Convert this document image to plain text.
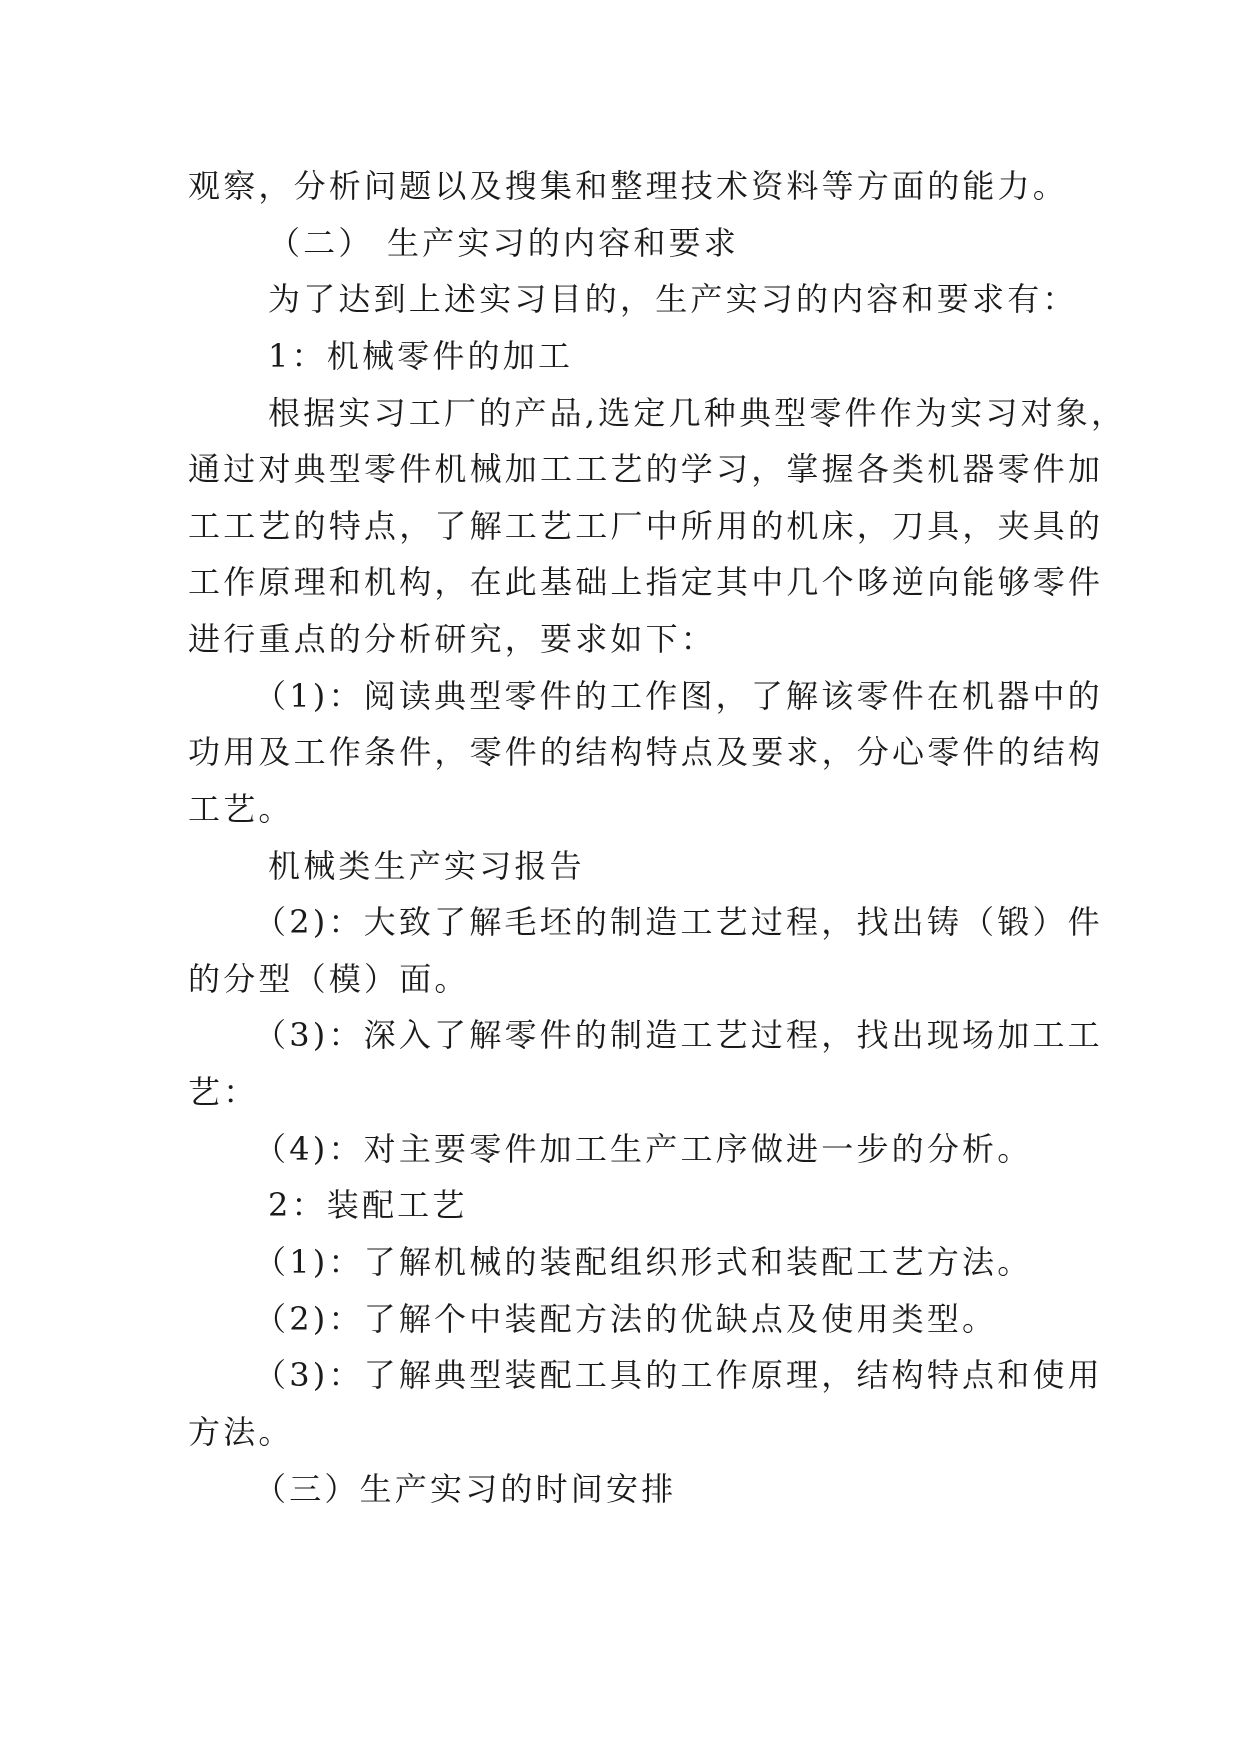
观察，分析问题以及搜集和整理技术资料等方面的能力。

（二） 生产实习的内容和要求

为了达到上述实习目的，生产实习的内容和要求有：

1：机械零件的加工

根据实习工厂的产品,选定几种典型零件作为实习对象，

通过对典型零件机械加工工艺的学习，掌握各类机器零件加

工工艺的特点，了解工艺工厂中所用的机床，刀具，夹具的

工作原理和机构，在此基础上指定其中几个哆逆向能够零件

进行重点的分析研究，要求如下：

（1)：阅读典型零件的工作图，了解该零件在机器中的

功用及工作条件，零件的结构特点及要求，分心零件的结构

工艺。

机械类生产实习报告

（2)：大致了解毛坯的制造工艺过程，找出铸（锻）件

的分型（模）面。

（3)：深入了解零件的制造工艺过程，找出现场加工工

艺：

（4)：对主要零件加工生产工序做进一步的分析。

2：装配工艺

（1)：了解机械的装配组织形式和装配工艺方法。

（2)：了解个中装配方法的优缺点及使用类型。

（3)：了解典型装配工具的工作原理，结构特点和使用

方法。

（三）生产实习的时间安排
